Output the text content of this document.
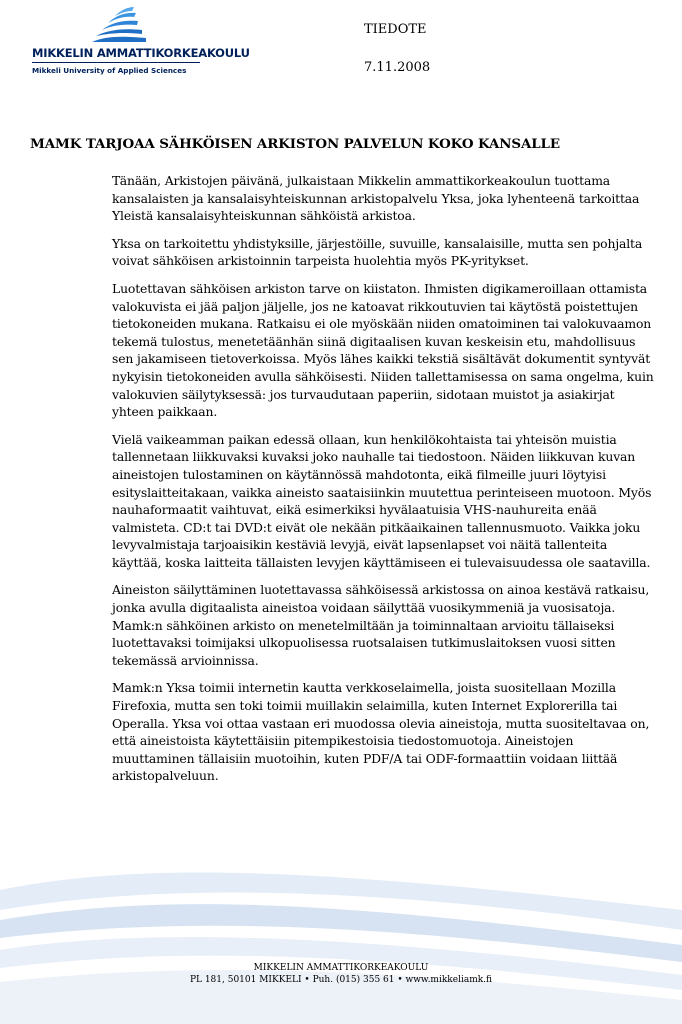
MIKKELIN AMMATTIKORKEAKOULU
Mikkeli University of Applied Sciences
TIEDOTE
7.11.2008
MAMK TARJOAA SÄHKÖISEN ARKISTON PALVELUN KOKO KANSALLE

Tänään, Arkistojen päivänä, julkaistaan Mikkelin ammattikorkeakoulun tuottama kansalaisten ja kansalaisyhteiskunnan arkistopalvelu Yksa, joka lyhenteenä tarkoittaa Yleistä kansalaisyhteiskunnan sähköistä arkistoa.

Yksa on tarkoitettu yhdistyksille, järjestöille, suvuille, kansalaisille, mutta sen pohjalta voivat sähköisen arkistoinnin tarpeista huolehtia myös PK-yritykset.

Luotettavan sähköisen arkiston tarve on kiistaton. Ihmisten digikameroillaan ottamista valokuvista ei jää paljon jäljelle, jos ne katoavat rikkoutuvien tai käytöstä poistettujen tietokoneiden mukana. Ratkaisu ei ole myöskään niiden omatoiminen tai valokuvaamon tekemä tulostus, menetetäänhän siinä digitaalisen kuvan keskeisin etu, mahdollisuus sen jakamiseen tietoverkoissa. Myös lähes kaikki tekstiä sisältävät dokumentit syntyvät nykyisin tietokoneiden avulla sähköisesti. Niiden tallettamisessa on sama ongelma, kuin valokuvien säilytyksessä: jos turvaudutaan paperiin, sidotaan muistot ja asiakirjat yhteen paikkaan.

Vielä vaikeamman paikan edessä ollaan, kun henkilökohtaista tai yhteisön muistia tallennetaan liikkuvaksi kuvaksi joko nauhalle tai tiedostoon. Näiden liikkuvan kuvan aineistojen tulostaminen on käytännössä mahdotonta, eikä filmeille juuri löytyisi esityslaitteitakaan, vaikka aineisto saataisiinkin muutettua perinteiseen muotoon. Myös nauhaformaatit vaihtuvat, eikä esimerkiksi hyvälaatuisia VHS-nauhureita enää valmisteta. CD:t tai DVD:t eivät ole nekään pitkäaikainen tallennusmuoto. Vaikka joku levyvalmistaja tarjoaisikin kestäviä levyjä, eivät lapsenlapset voi näitä tallenteita käyttää, koska laitteita tällaisten levyjen käyttämiseen ei tulevaisuudessa ole saatavilla.

Aineiston säilyttäminen luotettavassa sähköisessä arkistossa on ainoa kestävä ratkaisu, jonka avulla digitaalista aineistoa voidaan säilyttää vuosikymmeniä ja vuosisatoja. Mamk:n sähköinen arkisto on menetelmiltään ja toiminnaltaan arvioitu tällaiseksi luotettavaksi toimijaksi ulkopuolisessa ruotsalaisen tutkimuslaitoksen vuosi sitten tekemässä arvioinnissa.

Mamk:n Yksa toimii internetin kautta verkkoselaimella, joista suositellaan Mozilla Firefoxia, mutta sen toki toimii muillakin selaimilla, kuten Internet Explorerilla tai Operalla. Yksa voi ottaa vastaan eri muodossa olevia aineistoja, mutta suositeltavaa on, että aineistoista käytettäisiin pitempikestoisia tiedostomuotoja. Aineistojen muuttaminen tällaisiin muotoihin, kuten PDF/A tai ODF-formaattiin voidaan liittää arkistopalveluun.

MIKKELIN AMMATTIKORKEAKOULU
PL 181, 50101 MIKKELI • Puh. (015) 355 61 • www.mikkeliamk.fi
